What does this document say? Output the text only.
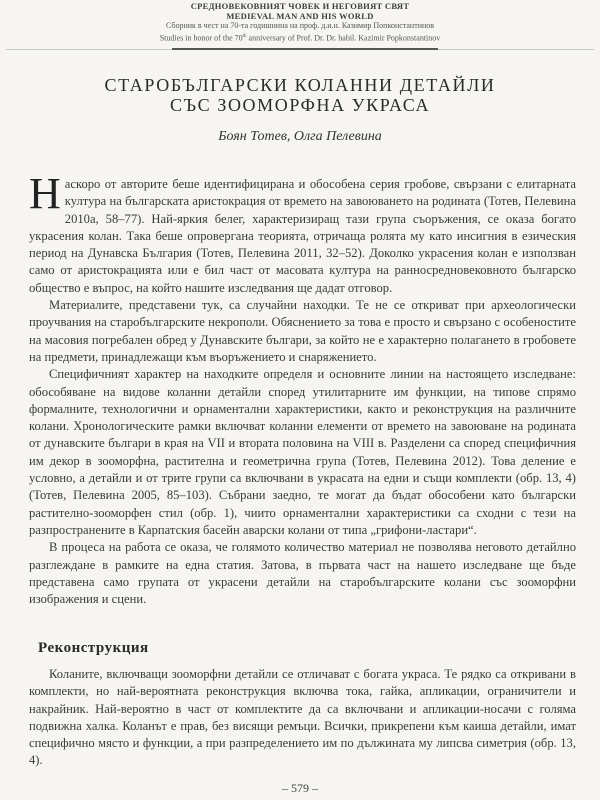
СРЕДНОВЕКОВНИЯТ ЧОВЕК И НЕГОВИЯТ СВЯТ
MEDIEVAL MAN AND HIS WORLD
Сборник в чест на 70-та годишнина на проф. д.и.н. Казимир Попконстантинов
Studies in honor of the 70th anniversary of Prof. Dr. Dr. habil. Kazimir Popkonstantinov
СТАРОБЪЛГАРСКИ КОЛАННИ ДЕТАЙЛИ
СЪС ЗООМОРФНА УКРАСА
Боян Тотев, Олга Пелевина

Наскоро от авторите беше идентифицирана и обособена серия гробове, свързани с елитарната култура на българската аристокрация от времето на завоюването на родината (Тотев, Пелевина 2010а, 58–77). Най-яркия белег, характеризиращ тази група съоръжения, се оказа богато украсения колан. Така беше опровергана теорията, отричаща ролята му като инсигния в езическия период на Дунавска България (Тотев, Пелевина 2011, 32–52). Доколко украсения колан е използван само от аристокрацията или е бил част от масовата култура на ранносредновековното българско общество е въпрос, на който нашите изследвания ще дадат отговор.

Материалите, представени тук, са случайни находки. Те не се откриват при археологически проучвания на старобългарските некрополи. Обяснението за това е просто и свързано с особеностите на масовия погребален обред у Дунавските българи, за който не е характерно полагането в гробовете на предмети, принадлежащи към въоръжението и снаряжението.

Специфичният характер на находките определя и основните линии на настоящето изследване: обособяване на видове коланни детайли според утилитарните им функции, на типове спрямо формалните, технологични и орнаментални характеристики, както и реконструкция на различните колани. Хронологическите рамки включват коланни елементи от времето на завоюване на родината от дунавските българи в края на VII и втората половина на VIII в. Разделени са според специфичния им декор в зооморфна, растителна и геометрична група (Тотев, Пелевина 2012). Това деление е условно, а детайли и от трите групи са включвани в украсата на едни и същи комплекти (обр. 13, 4) (Тотев, Пелевина 2005, 85–103). Събрани заедно, те могат да бъдат обособени като български растително-зооморфен стил (обр. 1), чиито орнаментални характеристики са сходни с тези на разпространените в Карпатския басейн аварски колани от типа „грифони-ластари“.

В процеса на работа се оказа, че голямото количество материал не позволява неговото детайлно разглеждане в рамките на една статия. Затова, в първата част на нашето изследване ще бъде представена само групата от украсени детайли на старобългарските колани със зооморфни изображения и сцени.

Реконструкция

Коланите, включващи зооморфни детайли се отличават с богата украса. Те рядко са откривани в комплекти, но най-вероятната реконструкция включва тока, гайка, апликации, ограничители и накрайник. Най-вероятно в част от комплектите да са включвани и апликации-носачи с голяма подвижна халка. Коланът е прав, без висящи ремъци. Всички, прикрепени към каиша детайли, имат специфично място и функции, а при разпределението им по дължината му липсва симетрия (обр. 13, 4).

– 579 –
